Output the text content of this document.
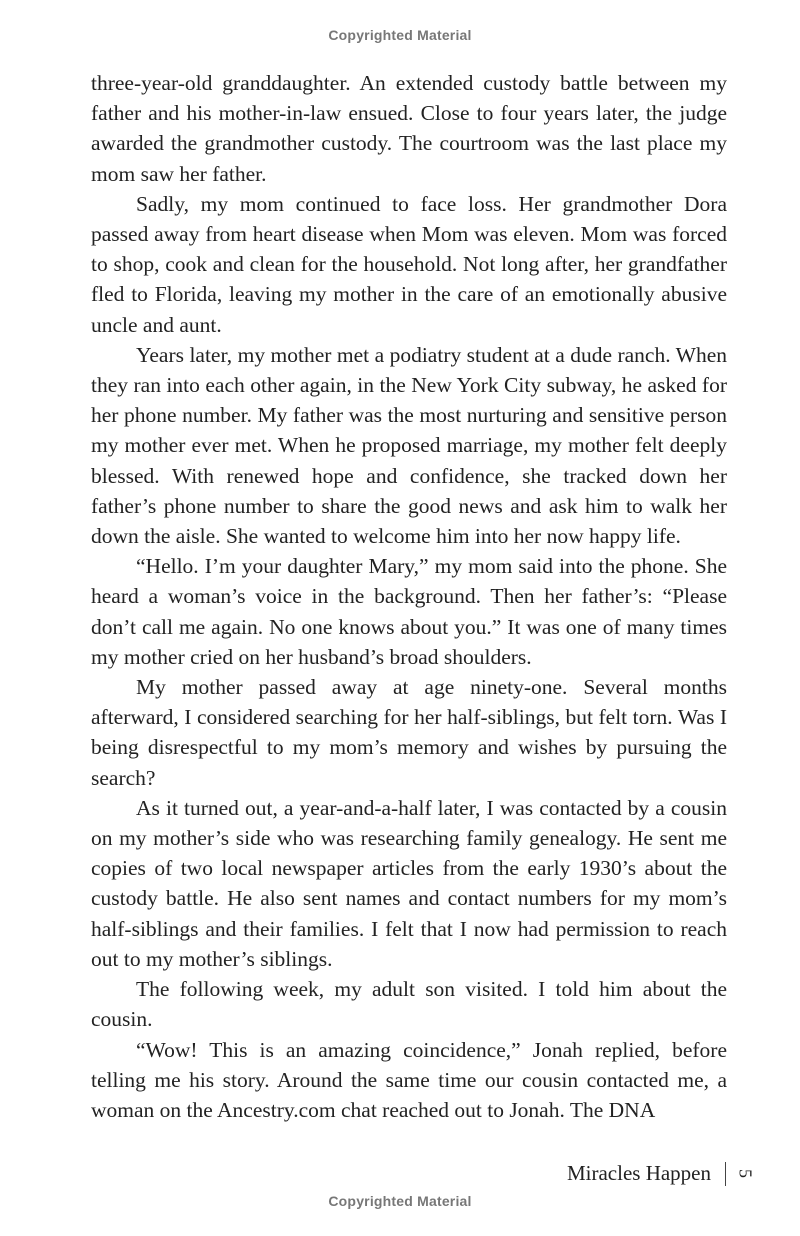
Copyrighted Material

three-year-old granddaughter. An extended custody battle between my father and his mother-in-law ensued. Close to four years later, the judge awarded the grandmother custody. The courtroom was the last place my mom saw her father.

Sadly, my mom continued to face loss. Her grandmother Dora passed away from heart disease when Mom was eleven. Mom was forced to shop, cook and clean for the household. Not long after, her grandfather fled to Florida, leaving my mother in the care of an emotionally abusive uncle and aunt.

Years later, my mother met a podiatry student at a dude ranch. When they ran into each other again, in the New York City subway, he asked for her phone number. My father was the most nurturing and sensitive person my mother ever met. When he proposed marriage, my mother felt deeply blessed. With renewed hope and confidence, she tracked down her father’s phone number to share the good news and ask him to walk her down the aisle. She wanted to welcome him into her now happy life.

“Hello. I’m your daughter Mary,” my mom said into the phone. She heard a woman’s voice in the background. Then her father’s: “Please don’t call me again. No one knows about you.” It was one of many times my mother cried on her husband’s broad shoulders.

My mother passed away at age ninety-one. Several months afterward, I considered searching for her half-siblings, but felt torn. Was I being disrespectful to my mom’s memory and wishes by pursuing the search?

As it turned out, a year-and-a-half later, I was contacted by a cousin on my mother’s side who was researching family genealogy. He sent me copies of two local newspaper articles from the early 1930’s about the custody battle. He also sent names and contact numbers for my mom’s half-siblings and their families. I felt that I now had permission to reach out to my mother’s siblings.

The following week, my adult son visited. I told him about the cousin.

“Wow! This is an amazing coincidence,” Jonah replied, before telling me his story. Around the same time our cousin contacted me, a woman on the Ancestry.com chat reached out to Jonah. The DNA

Miracles Happen 5
Copyrighted Material
